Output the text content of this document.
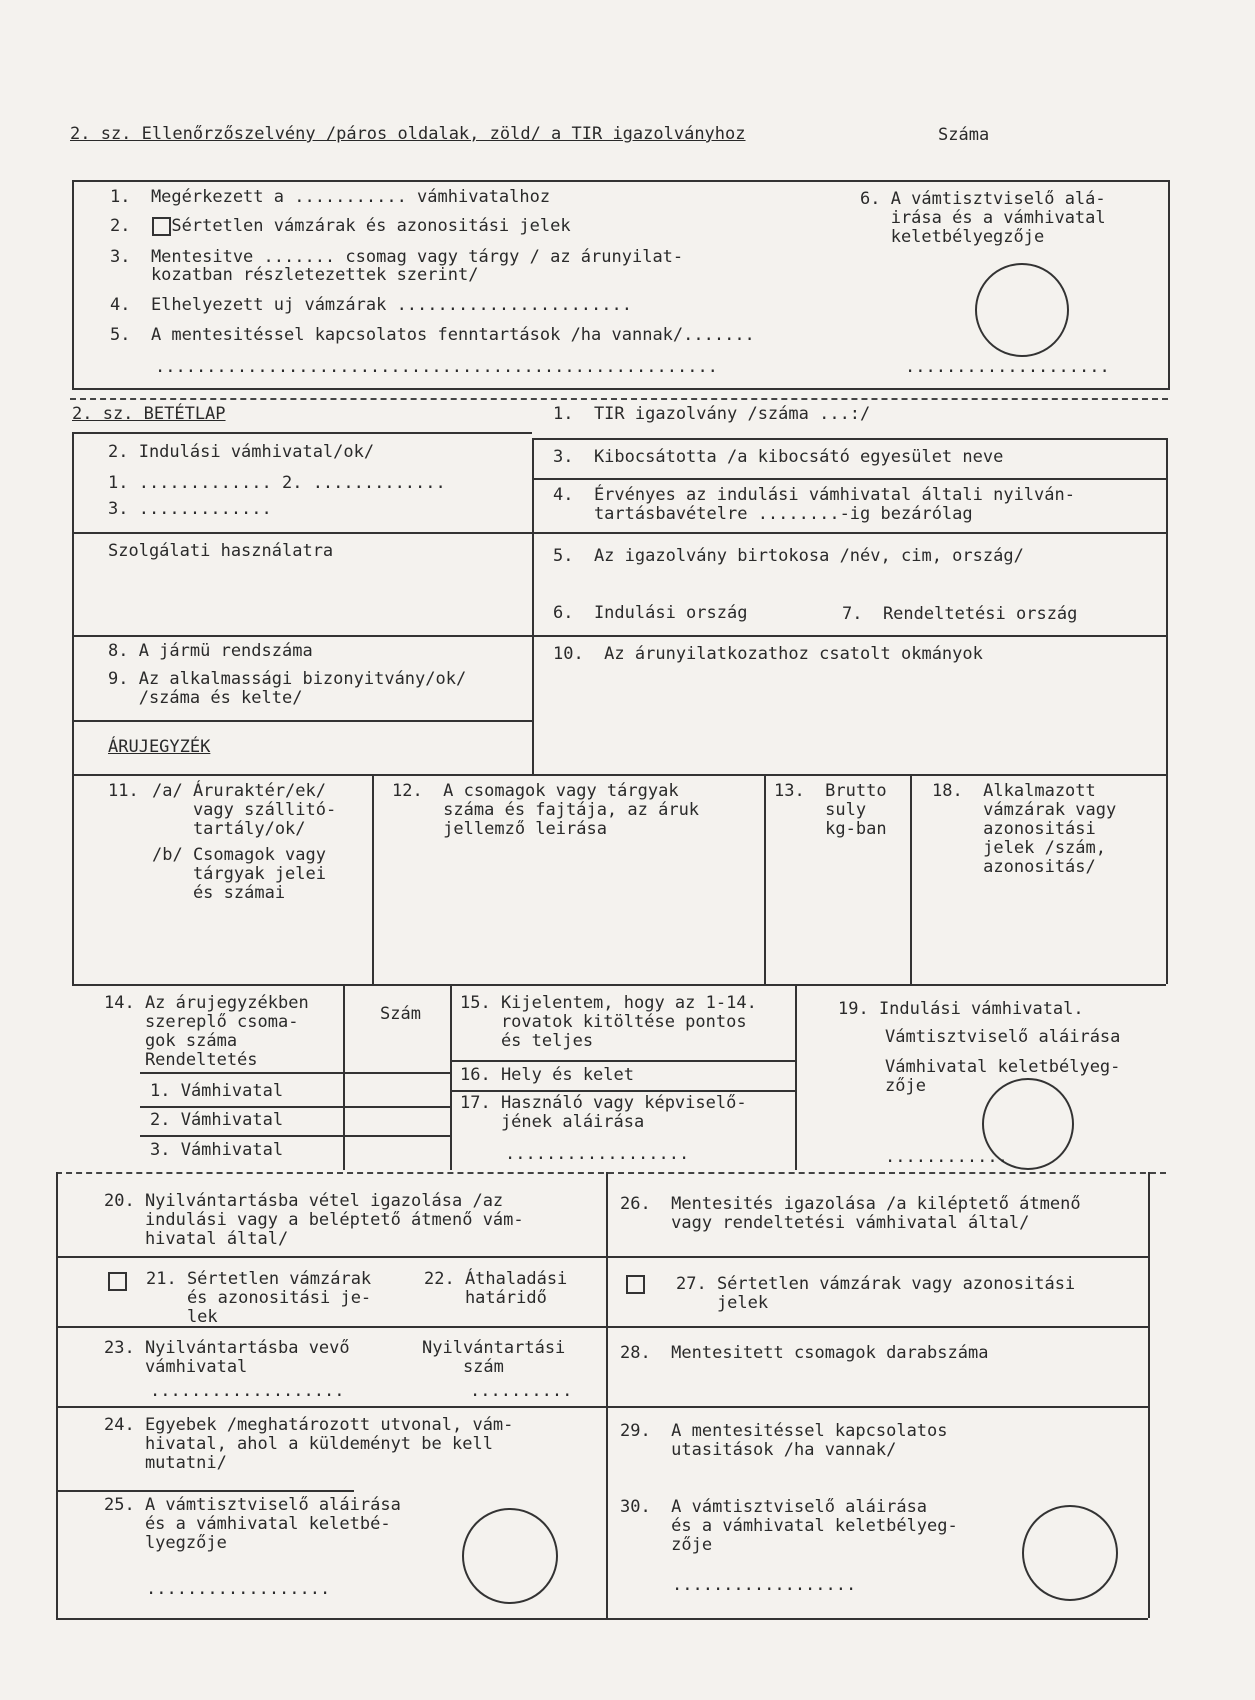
2. sz. Ellenőrzőszelvény /páros oldalak, zöld/ a TIR igazolványhoz	Száma
1.  Megérkezett a ........... vámhivatalhoz
2.    Sértetlen vámzárak és azonositási jelek
3.  Mentesitve ....... csomag vagy tárgy / az árunyilat-
kozatban részletezettek szerint/
4.  Elhelyezett uj vámzárak .......................
5.  A mentesitéssel kapcsolatos fenntartások /ha vannak/.......
.......................................................
6. A vámtisztviselő alá-
irása és a vámhivatal
keletbélyegzője
....................
2. sz. BETÉTLAP	1.  TIR igazolvány /száma ...:/
2. Indulási vámhivatal/ok/
1. ............. 2. .............
3. .............
3.  Kibocsátotta /a kibocsátó egyesület neve
4.  Érvényes az indulási vámhivatal általi nyilván-
tartásbavételre ........-ig bezárólag
Szolgálati használatra	5.  Az igazolvány birtokosa /név, cim, ország/
6.  Indulási ország	7.  Rendeltetési ország
8. A jármü rendszáma	10.  Az árunyilatkozathoz csatolt okmányok
9. Az alkalmassági bizonyitvány/ok/
/száma és kelte/
ÁRUJEGYZÉK
11. /a/ Áruraktér/ek/
vagy szállitó-
tartály/ok/
/b/ Csomagok vagy
tárgyak jelei
és számai
12.  A csomagok vagy tárgyak
száma és fajtája, az áruk
jellemző leirása
13.  Brutto
suly
kg-ban
18.  Alkalmazott
vámzárak vagy
azonositási
jelek /szám,
azonositás/
14. Az árujegyzékben
szereplő csoma-
gok száma
Rendeltetés
Szám
1. Vámhivatal
2. Vámhivatal
3. Vámhivatal
15. Kijelentem, hogy az 1-14.
rovatok kitöltése pontos
és teljes
16. Hely és kelet
17. Használó vagy képviselő-
jének aláirása
..................
19. Indulási vámhivatal.
Vámtisztviselő aláirása
Vámhivatal keletbélyeg-
zője
............
20. Nyilvántartásba vétel igazolása /az
indulási vagy a beléptető átmenő vám-
hivatal által/
26.  Mentesités igazolása /a kiléptető átmenő
vagy rendeltetési vámhivatal által/
21. Sértetlen vámzárak
és azonositási je-
lek
22. Áthaladási
határidő
27. Sértetlen vámzárak vagy azonositási
jelek
23. Nyilvántartásba vevő
vámhivatal
...................
Nyilvántartási
szám
..........
28.  Mentesitett csomagok darabszáma
24. Egyebek /meghatározott utvonal, vám-
hivatal, ahol a küldeményt be kell
mutatni/
29.  A mentesitéssel kapcsolatos
utasitások /ha vannak/
25. A vámtisztviselő aláirása
és a vámhivatal keletbé-
lyegzője
..................
30.  A vámtisztviselő aláirása
és a vámhivatal keletbélyeg-
zője
..................
